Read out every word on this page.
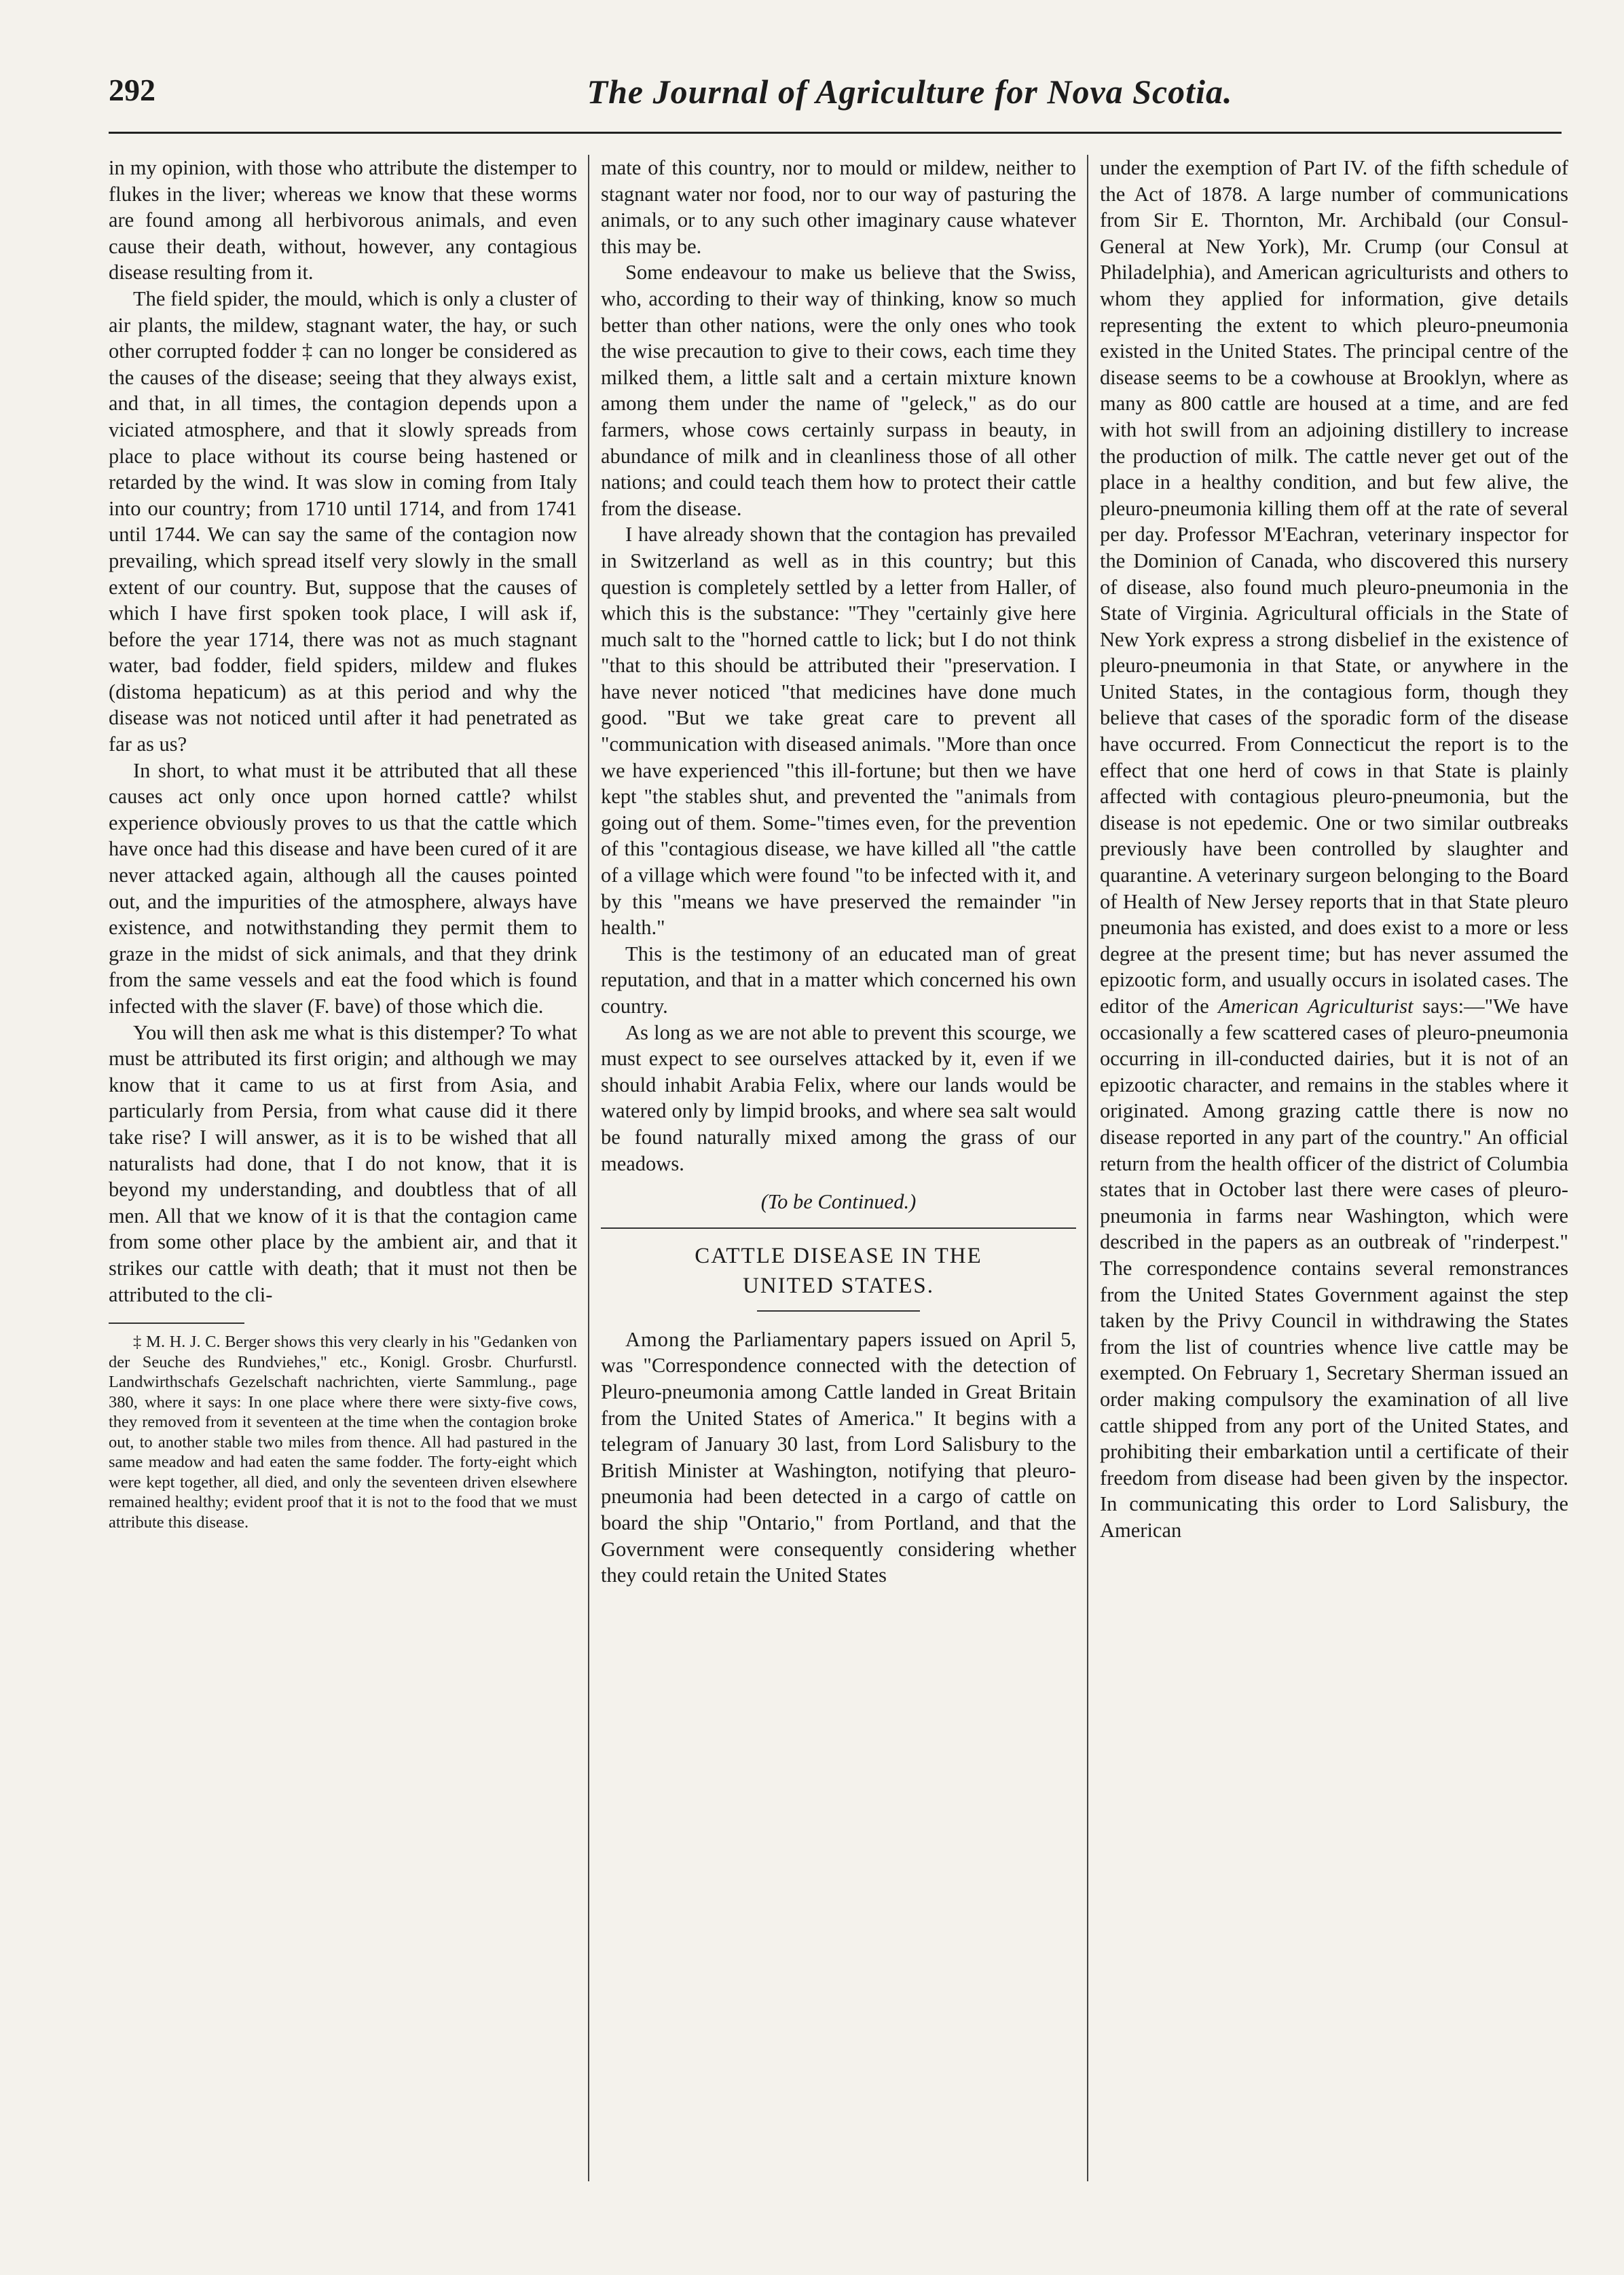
292	The Journal of Agriculture for Nova Scotia.

in my opinion, with those who attribute the distemper to flukes in the liver; whereas we know that these worms are found among all herbivorous animals, and even cause their death, without, however, any contagious disease resulting from it.

The field spider, the mould, which is only a cluster of air plants, the mildew, stagnant water, the hay, or such other corrupted fodder ‡ can no longer be considered as the causes of the disease; seeing that they always exist, and that, in all times, the contagion depends upon a viciated atmosphere, and that it slowly spreads from place to place without its course being hastened or retarded by the wind. It was slow in coming from Italy into our country; from 1710 until 1714, and from 1741 until 1744. We can say the same of the contagion now prevailing, which spread itself very slowly in the small extent of our country. But, suppose that the causes of which I have first spoken took place, I will ask if, before the year 1714, there was not as much stagnant water, bad fodder, field spiders, mildew and flukes (distoma hepaticum) as at this period and why the disease was not noticed until after it had penetrated as far as us?

In short, to what must it be attributed that all these causes act only once upon horned cattle? whilst experience obviously proves to us that the cattle which have once had this disease and have been cured of it are never attacked again, although all the causes pointed out, and the impurities of the atmosphere, always have existence, and notwithstanding they permit them to graze in the midst of sick animals, and that they drink from the same vessels and eat the food which is found infected with the slaver (F. bave) of those which die.

You will then ask me what is this distemper? To what must be attributed its first origin; and although we may know that it came to us at first from Asia, and particularly from Persia, from what cause did it there take rise? I will answer, as it is to be wished that all naturalists had done, that I do not know, that it is beyond my understanding, and doubtless that of all men. All that we know of it is that the contagion came from some other place by the ambient air, and that it strikes our cattle with death; that it must not then be attributed to the cli-

‡ M. H. J. C. Berger shows this very clearly in his "Gedanken von der Seuche des Rundviehes," etc., Konigl. Grosbr. Churfurstl. Landwirthschafs Gezelschaft nachrichten, vierte Sammlung., page 380, where it says: In one place where there were sixty-five cows, they removed from it seventeen at the time when the contagion broke out, to another stable two miles from thence. All had pastured in the same meadow and had eaten the same fodder. The forty-eight which were kept together, all died, and only the seventeen driven elsewhere remained healthy; evident proof that it is not to the food that we must attribute this disease.

mate of this country, nor to mould or mildew, neither to stagnant water nor food, nor to our way of pasturing the animals, or to any such other imaginary cause whatever this may be.

Some endeavour to make us believe that the Swiss, who, according to their way of thinking, know so much better than other nations, were the only ones who took the wise precaution to give to their cows, each time they milked them, a little salt and a certain mixture known among them under the name of "geleck," as do our farmers, whose cows certainly surpass in beauty, in abundance of milk and in cleanliness those of all other nations; and could teach them how to protect their cattle from the disease.

I have already shown that the contagion has prevailed in Switzerland as well as in this country; but this question is completely settled by a letter from Haller, of which this is the substance: "They "certainly give here much salt to the "horned cattle to lick; but I do not think "that to this should be attributed their "preservation. I have never noticed "that medicines have done much good. "But we take great care to prevent all "communication with diseased animals. "More than once we have experienced "this ill-fortune; but then we have kept "the stables shut, and prevented the "animals from going out of them. Some-"times even, for the prevention of this "contagious disease, we have killed all "the cattle of a village which were found "to be infected with it, and by this "means we have preserved the remainder "in health."

This is the testimony of an educated man of great reputation, and that in a matter which concerned his own country.

As long as we are not able to prevent this scourge, we must expect to see ourselves attacked by it, even if we should inhabit Arabia Felix, where our lands would be watered only by limpid brooks, and where sea salt would be found naturally mixed among the grass of our meadows.

(To be Continued.)

CATTLE DISEASE IN THE
UNITED STATES.

Among the Parliamentary papers issued on April 5, was "Correspondence connected with the detection of Pleuro-pneumonia among Cattle landed in Great Britain from the United States of America." It begins with a telegram of January 30 last, from Lord Salisbury to the British Minister at Washington, notifying that pleuro-pneumonia had been detected in a cargo of cattle on board the ship "Ontario," from Portland, and that the Government were consequently considering whether they could retain the United States

under the exemption of Part IV. of the fifth schedule of the Act of 1878. A large number of communications from Sir E. Thornton, Mr. Archibald (our Consul-General at New York), Mr. Crump (our Consul at Philadelphia), and American agriculturists and others to whom they applied for information, give details representing the extent to which pleuro-pneumonia existed in the United States. The principal centre of the disease seems to be a cowhouse at Brooklyn, where as many as 800 cattle are housed at a time, and are fed with hot swill from an adjoining distillery to increase the production of milk. The cattle never get out of the place in a healthy condition, and but few alive, the pleuro-pneumonia killing them off at the rate of several per day. Professor M'Eachran, veterinary inspector for the Dominion of Canada, who discovered this nursery of disease, also found much pleuro-pneumonia in the State of Virginia. Agricultural officials in the State of New York express a strong disbelief in the existence of pleuro-pneumonia in that State, or anywhere in the United States, in the contagious form, though they believe that cases of the sporadic form of the disease have occurred. From Connecticut the report is to the effect that one herd of cows in that State is plainly affected with contagious pleuro-pneumonia, but the disease is not epedemic. One or two similar outbreaks previously have been controlled by slaughter and quarantine. A veterinary surgeon belonging to the Board of Health of New Jersey reports that in that State pleuro pneumonia has existed, and does exist to a more or less degree at the present time; but has never assumed the epizootic form, and usually occurs in isolated cases. The editor of the American Agriculturist says:—"We have occasionally a few scattered cases of pleuro-pneumonia occurring in ill-conducted dairies, but it is not of an epizootic character, and remains in the stables where it originated. Among grazing cattle there is now no disease reported in any part of the country." An official return from the health officer of the district of Columbia states that in October last there were cases of pleuro-pneumonia in farms near Washington, which were described in the papers as an outbreak of "rinderpest." The correspondence contains several remonstrances from the United States Government against the step taken by the Privy Council in withdrawing the States from the list of countries whence live cattle may be exempted. On February 1, Secretary Sherman issued an order making compulsory the examination of all live cattle shipped from any port of the United States, and prohibiting their embarkation until a certificate of their freedom from disease had been given by the inspector. In communicating this order to Lord Salisbury, the American
